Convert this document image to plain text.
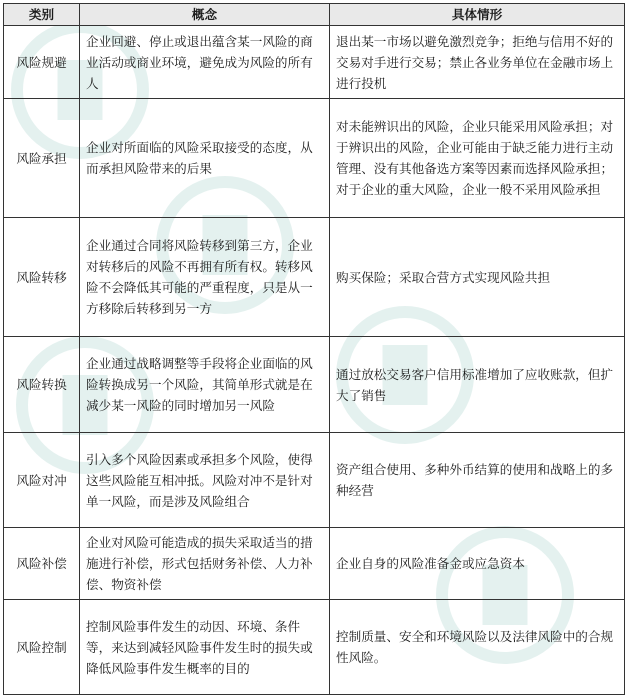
类别	概念	具体情形
风险规避	企业回避、停止或退出蕴含某一风险的商业活动或商业环境，避免成为风险的所有人	退出某一市场以避免激烈竞争；拒绝与信用不好的交易对手进行交易；禁止各业务单位在金融市场上进行投机
风险承担	企业对所面临的风险采取接受的态度，从而承担风险带来的后果	对未能辨识出的风险，企业只能采用风险承担；对于辨识出的风险，企业可能由于缺乏能力进行主动管理、没有其他备选方案等因素而选择风险承担；对于企业的重大风险，企业一般不采用风险承担
风险转移	企业通过合同将风险转移到第三方，企业对转移后的风险不再拥有所有权。转移风险不会降低其可能的严重程度，只是从一方移除后转移到另一方	购买保险；采取合营方式实现风险共担
风险转换	企业通过战略调整等手段将企业面临的风险转换成另一个风险，其简单形式就是在减少某一风险的同时增加另一风险	通过放松交易客户信用标准增加了应收账款，但扩大了销售
风险对冲	引入多个风险因素或承担多个风险，使得这些风险能互相冲抵。风险对冲不是针对单一风险，而是涉及风险组合	资产组合使用、多种外币结算的使用和战略上的多种经营
风险补偿	企业对风险可能造成的损失采取适当的措施进行补偿，形式包括财务补偿、人力补偿、物资补偿	企业自身的风险准备金或应急资本
风险控制	控制风险事件发生的动因、环境、条件等，来达到减轻风险事件发生时的损失或降低风险事件发生概率的目的	控制质量、安全和环境风险以及法律风险中的合规性风险。
